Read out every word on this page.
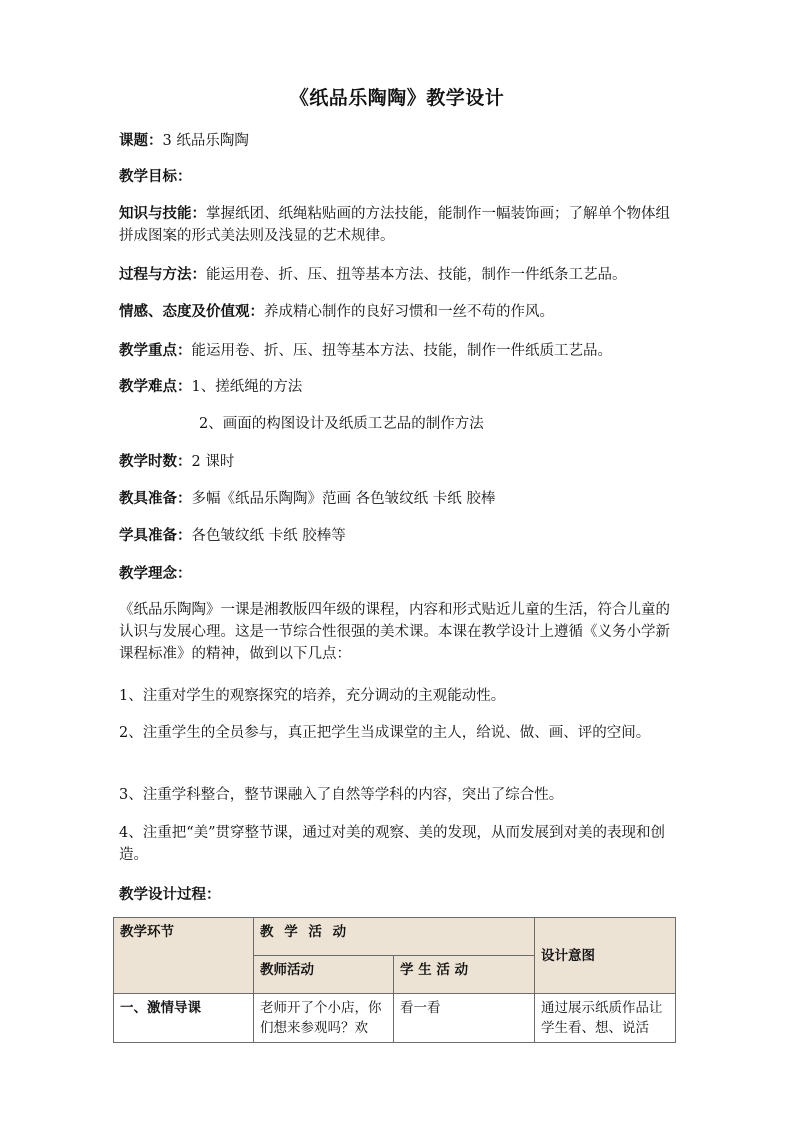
《纸品乐陶陶》教学设计
课题：3 纸品乐陶陶
教学目标：
知识与技能：掌握纸团、纸绳粘贴画的方法技能，能制作一幅装饰画；了解单个物体组拼成图案的形式美法则及浅显的艺术规律。
过程与方法：能运用卷、折、压、扭等基本方法、技能，制作一件纸条工艺品。
情感、态度及价值观：养成精心制作的良好习惯和一丝不苟的作风。
教学重点：能运用卷、折、压、扭等基本方法、技能，制作一件纸质工艺品。
教学难点：1、搓纸绳的方法
2、画面的构图设计及纸质工艺品的制作方法
教学时数：2 课时
教具准备：多幅《纸品乐陶陶》范画 各色皱纹纸 卡纸 胶棒
学具准备：各色皱纹纸 卡纸 胶棒等
教学理念：
《纸品乐陶陶》一课是湘教版四年级的课程，内容和形式贴近儿童的生活，符合儿童的认识与发展心理。这是一节综合性很强的美术课。本课在教学设计上遵循《义务小学新课程标准》的精神，做到以下几点：
1、注重对学生的观察探究的培养，充分调动的主观能动性。
2、注重学生的全员参与，真正把学生当成课堂的主人，给说、做、画、评的空间。
3、注重学科整合，整节课融入了自然等学科的内容，突出了综合性。
4、注重把“美”贯穿整节课，通过对美的观察、美的发现，从而发展到对美的表现和创造。
教学设计过程：
教学环节	教 学 活 动		设计意图
	教师活动	学 生 活 动	
一、激情导课	老师开了个小店，你们想来参观吗？欢	看一看	通过展示纸质作品让学生看、想、说活
